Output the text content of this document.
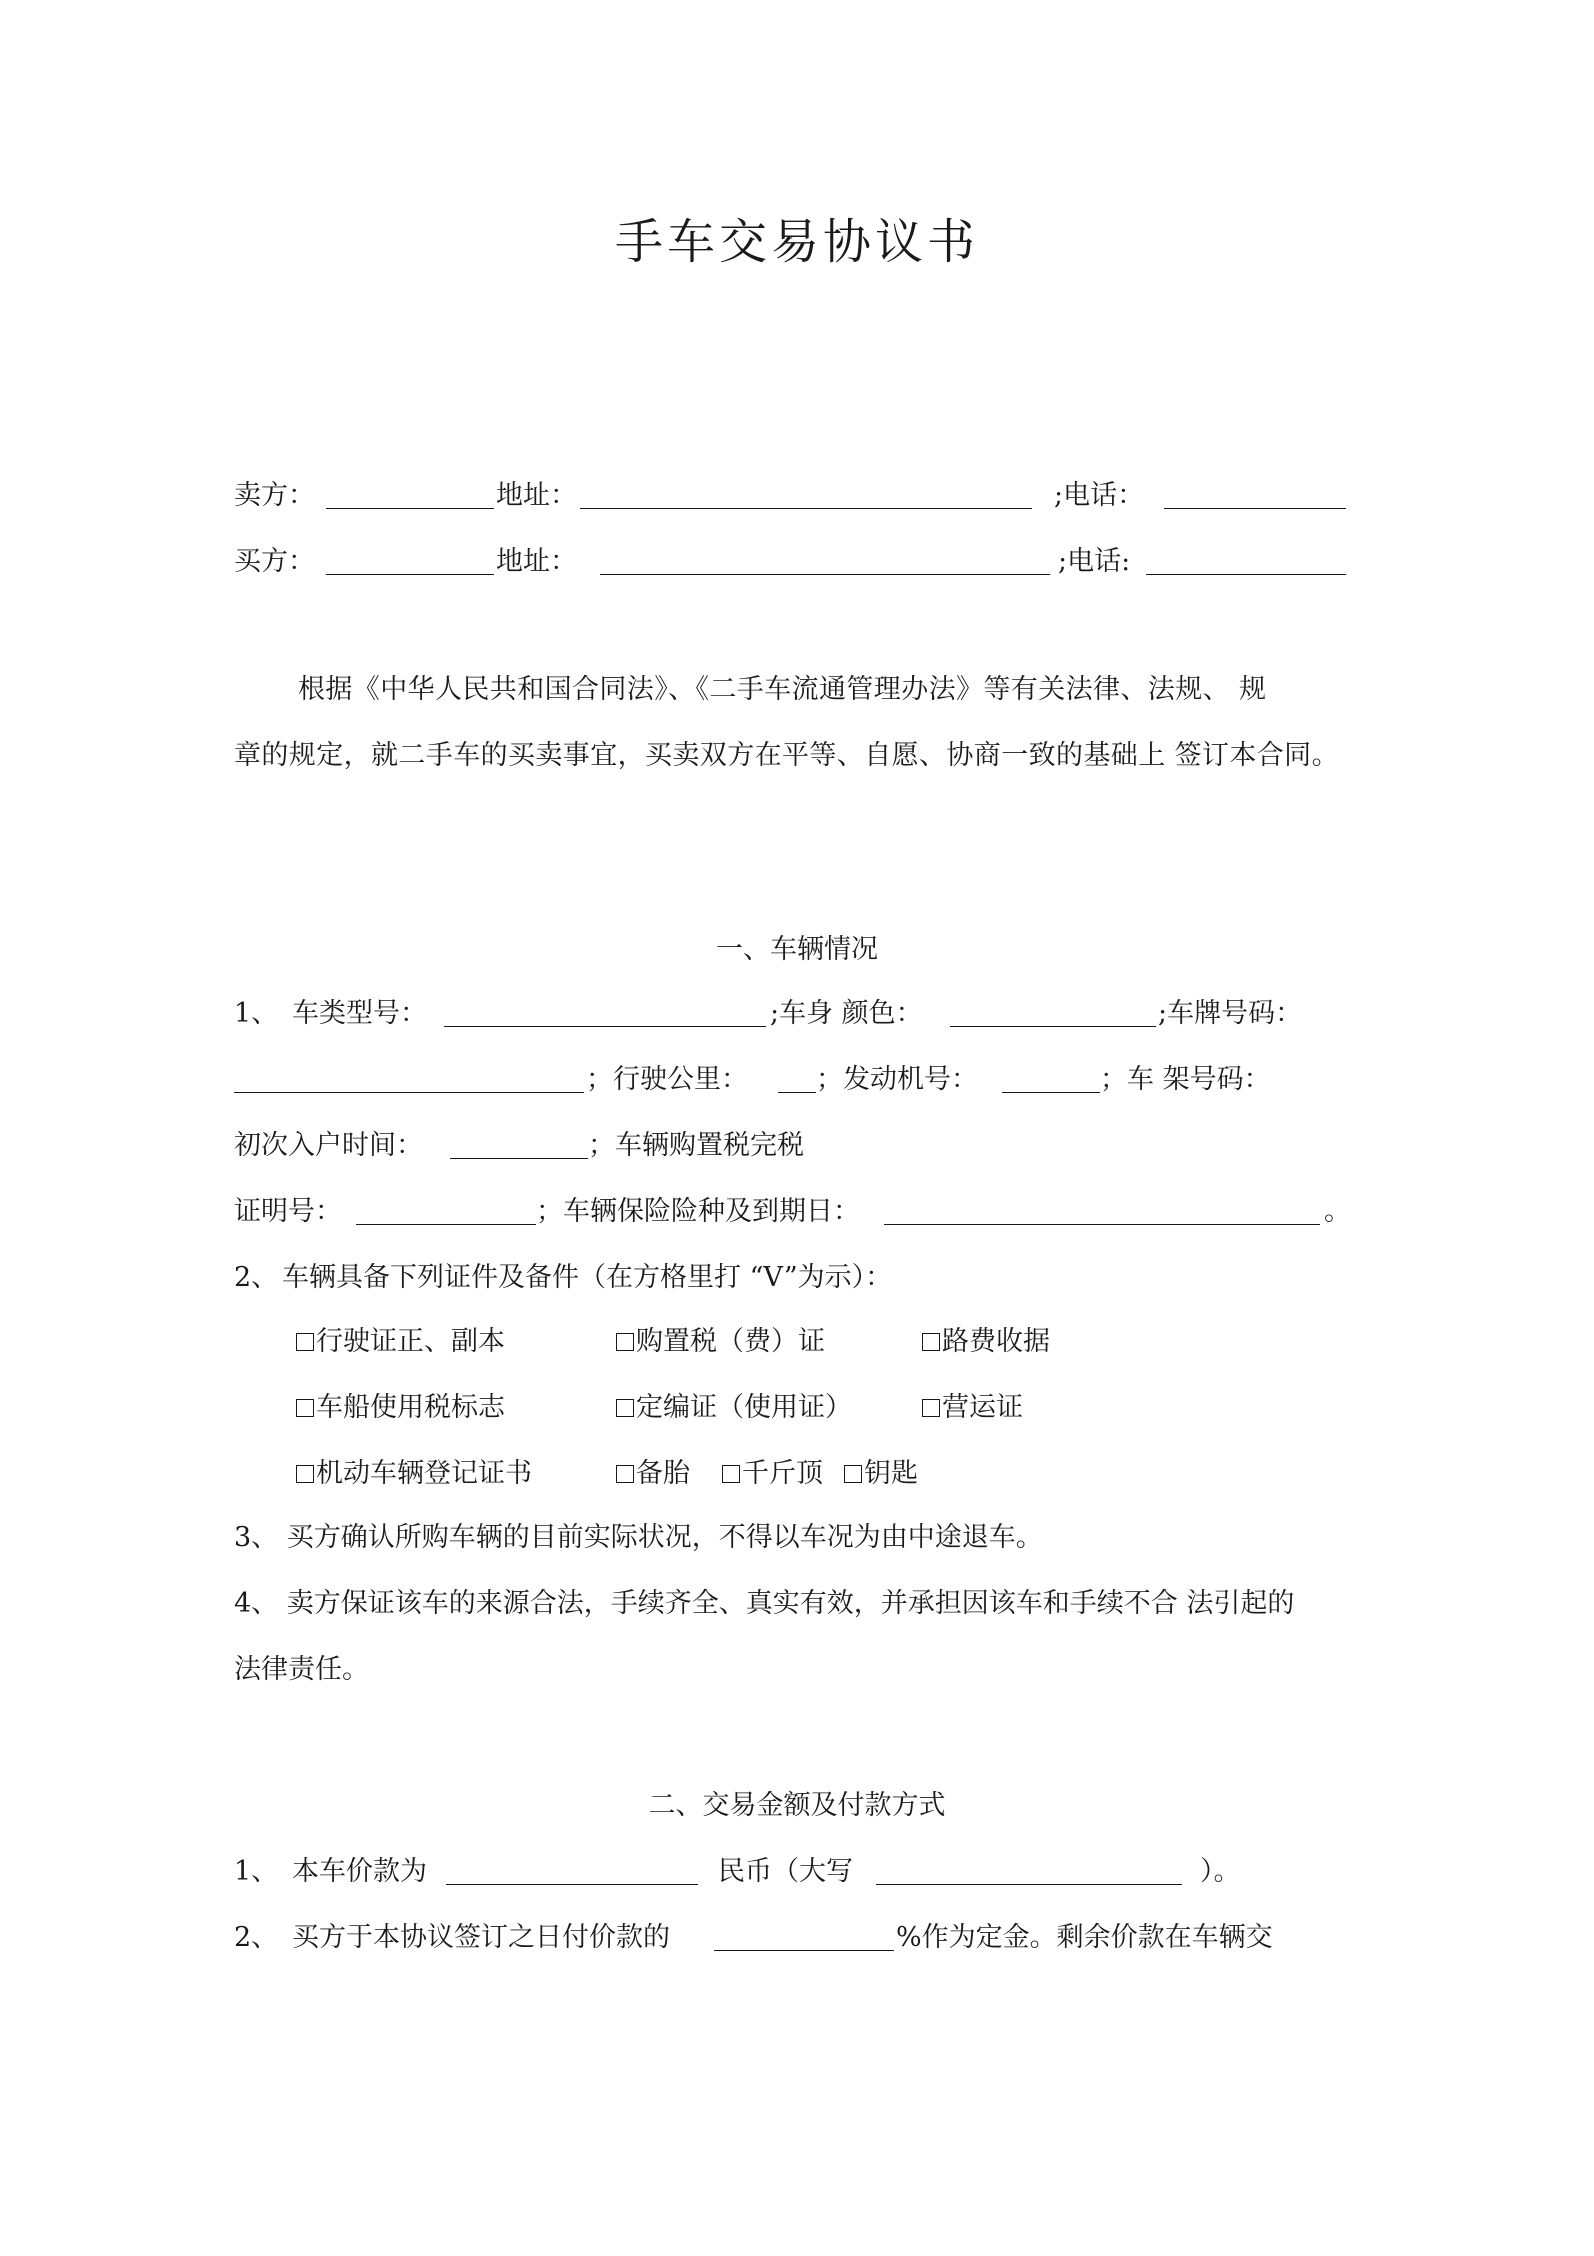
手车交易协议书
卖方：	地址：	;电话：
买方：	地址：	;电话:
根据《中华人民共和国合同法》、《二手车流通管理办法》等有关法律、法规、 规
章的规定，就二手车的买卖事宜，买卖双方在平等、自愿、协商一致的基础上 签订本合同。
一、车辆情况
1、 车类型号：	;车身 颜色：	;车牌号码：
；行驶公里：	；发动机号：	；车 架号码：
初次入户时间：	；车辆购置税完税
证明号：	；车辆保险险种及到期日：	。
2、 车辆具备下列证件及备件（在方格里打 “V”为示）：
行驶证正、副本	购置税（费）证	路费收据
车船使用税标志	定编证（使用证）	营运证
机动车辆登记证书	备胎	千斤顶	钥匙
3、 买方确认所购车辆的目前实际状况，不得以车况为由中途退车。
4、 卖方保证该车的来源合法，手续齐全、真实有效，并承担因该车和手续不合 法引起的
法律责任。
二、交易金额及付款方式
1、 本车价款为	民币（大写	）。
2、 买方于本协议签订之日付价款的	%作为定金。剩余价款在车辆交
